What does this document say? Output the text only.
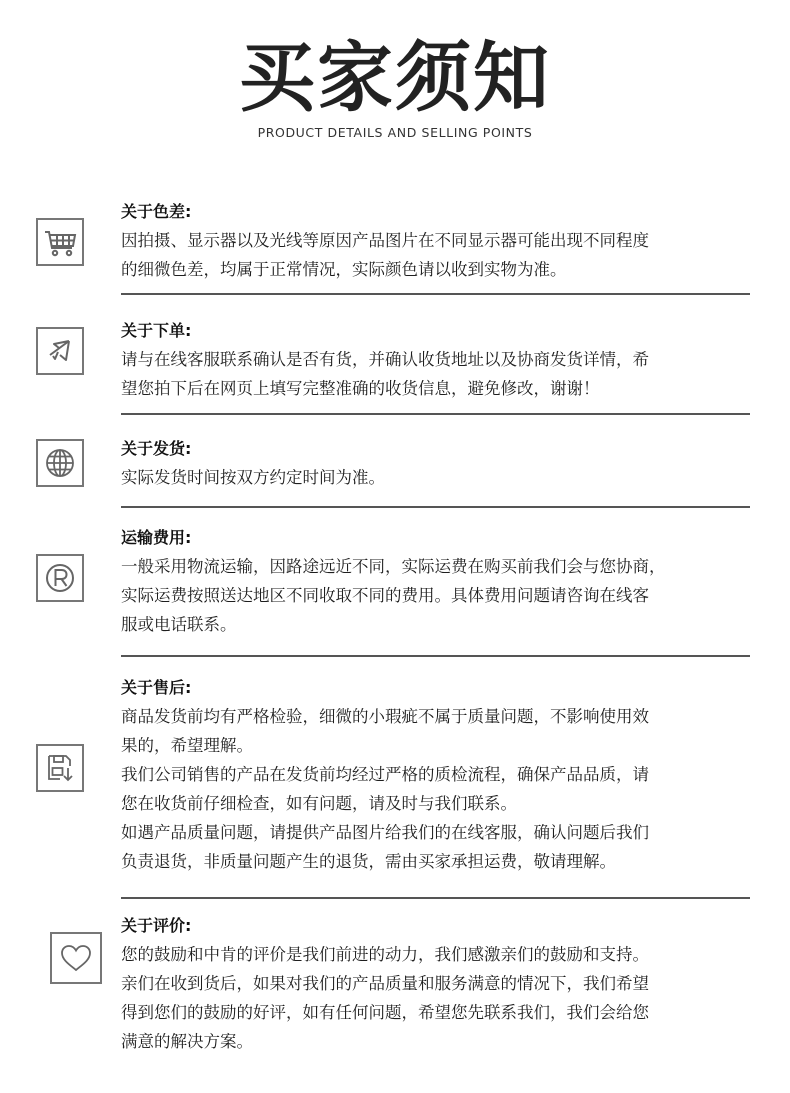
买家须知
PRODUCT DETAILS AND SELLING POINTS
关于色差:
因拍摄、显示器以及光线等原因产品图片在不同显示器可能出现不同程度
的细微色差，均属于正常情况，实际颜色请以收到实物为准。
关于下单:
请与在线客服联系确认是否有货，并确认收货地址以及协商发货详情，希
望您拍下后在网页上填写完整准确的收货信息，避免修改，谢谢！
关于发货:
实际发货时间按双方约定时间为准。
运输费用:
一般采用物流运输，因路途远近不同，实际运费在购买前我们会与您协商，
实际运费按照送达地区不同收取不同的费用。具体费用问题请咨询在线客
服或电话联系。
关于售后:
商品发货前均有严格检验，细微的小瑕疵不属于质量问题，不影响使用效
果的，希望理解。
我们公司销售的产品在发货前均经过严格的质检流程，确保产品品质，请
您在收货前仔细检查，如有问题，请及时与我们联系。
如遇产品质量问题，请提供产品图片给我们的在线客服，确认问题后我们
负责退货，非质量问题产生的退货，需由买家承担运费，敬请理解。
关于评价:
您的鼓励和中肯的评价是我们前进的动力，我们感激亲们的鼓励和支持。
亲们在收到货后，如果对我们的产品质量和服务满意的情况下，我们希望
得到您们的鼓励的好评，如有任何问题，希望您先联系我们，我们会给您
满意的解决方案。
